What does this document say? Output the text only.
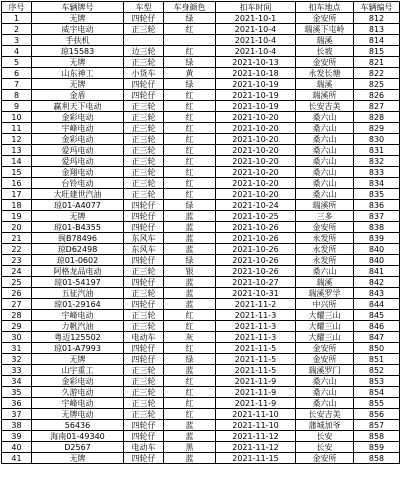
序号	车辆牌号	车型	车身颜色	扣车时间	扣车地点	车辆编号
1	无牌	四轮仔	绿	2021-10-1	金安所	812
2	威宇电动	正三轮	红	2021-10-4	瑞溪下屯岭	813
3	手扶机			2021-10-4	瑞溪	814
4	琼15583	边三轮	红	2021-10-4	长坡	815
5	无牌	正三轮	绿	2021-10-13	金安所	821
6	山东神工	小货车	黄	2021-10-18	永发长塘	822
7	无牌	四轮仔	绿	2021-10-19	瑞溪	825
8	金盾	四轮仔	红	2021-10-19	瑞溪所	826
9	赢利天下电动	正三轮	红	2021-10-19	长安吉美	827
10	金彩电动	正三轮	红	2021-10-20	桑六山	828
11	宇峰电动	正三轮	红	2021-10-20	桑六山	829
12	金彩电动	正三轮	红	2021-10-20	桑六山	830
13	爱玛电动	正三轮	红	2021-10-20	桑六山	831
14	爱玛电动	正三轮	红	2021-10-20	桑六山	832
15	金翔电动	正三轮	红	2021-10-20	桑六山	833
16	台铃电动	正三轮	红	2021-10-20	桑六山	834
17	大旺建世汽油	正三轮	红	2021-10-20	桑六山	835
18	琼01-A4077	四轮仔	绿	2021-10-24	瑞溪所	836
19	无牌	四轮仔	蓝	2021-10-25	三多	837
20	琼01-B4355	四轮仔	蓝	2021-10-26	金安所	838
21	闽B78496	东风车	蓝	2021-10-26	永发所	839
22	琼D62498	东风车	蓝	2021-10-26	永发所	840
23	琼01-0602	四轮仔	绿	2021-10-26	永发所	840
24	阿格龙品电动	正三轮	银	2021-10-26	桑六山	841
25	琼01-54197	四轮仔	蓝	2021-10-27	瑞溪	842
26	五征汽油	正三轮	蓝	2021-10-31	瑞溪罗学	843
27	琼01-29164	四轮仔	蓝	2021-11-2	中兴所	844
28	宇峰电动	正三轮	红	2021-11-3	大耀三山	845
29	力帆汽油	正三轮	红	2021-11-3	大耀三山	846
30	粤迈125502	电动车	灰	2021-11-3	大耀三山	847
31	琼01-A7993	四轮仔	红	2021-11-5	金安所	850
32	无牌	四轮仔	绿	2021-11-5	金安所	851
33	山宇重工	正三轮	蓝	2021-11-5	瑞溪罗门	852
34	金彩电动	正三轮	红	2021-11-9	桑六山	853
35	久游电动	正三轮	红	2021-11-9	桑六山	854
36	宇峰电动	正三轮	红	2021-11-9	桑六山	855
37	无牌电动	正三轮	红	2021-11-10	长安吉美	856
38	56436	四轮仔	蓝	2021-11-10	蒲城加爷	857
39	海南01-49340	四轮仔	蓝	2021-11-12	长安	858
40	D2567	电动车	黑	2021-11-12	长安	859
41	无牌	四轮仔	蓝	2021-11-15	金安所	858
